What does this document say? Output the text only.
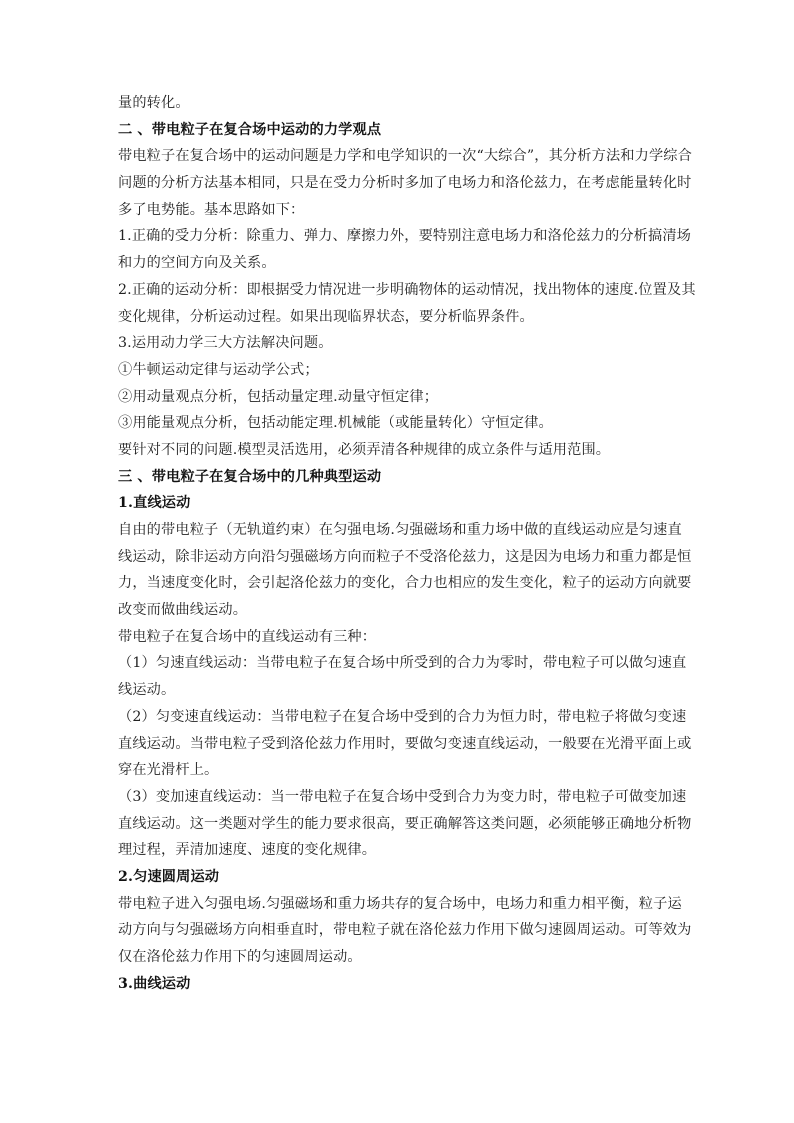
量的转化。
二 、带电粒子在复合场中运动的力学观点
带电粒子在复合场中的运动问题是力学和电学知识的一次“大综合”，其分析方法和力学综合
问题的分析方法基本相同，只是在受力分析时多加了电场力和洛伦兹力，在考虑能量转化时
多了电势能。基本思路如下：
1.正确的受力分析：除重力、弹力、摩擦力外，要特别注意电场力和洛伦兹力的分析搞清场
和力的空间方向及关系。
2.正确的运动分析：即根据受力情况进一步明确物体的运动情况，找出物体的速度.位置及其
变化规律，分析运动过程。如果出现临界状态，要分析临界条件。
3.运用动力学三大方法解决问题。
①牛顿运动定律与运动学公式；
②用动量观点分析，包括动量定理.动量守恒定律；
③用能量观点分析，包括动能定理.机械能（或能量转化）守恒定律。
要针对不同的问题.模型灵活选用，必须弄清各种规律的成立条件与适用范围。
三 、带电粒子在复合场中的几种典型运动
1.直线运动
自由的带电粒子（无轨道约束）在匀强电场.匀强磁场和重力场中做的直线运动应是匀速直
线运动，除非运动方向沿匀强磁场方向而粒子不受洛伦兹力，这是因为电场力和重力都是恒
力，当速度变化时，会引起洛伦兹力的变化，合力也相应的发生变化，粒子的运动方向就要
改变而做曲线运动。
带电粒子在复合场中的直线运动有三种：
（1）匀速直线运动：当带电粒子在复合场中所受到的合力为零时，带电粒子可以做匀速直
线运动。
（2）匀变速直线运动：当带电粒子在复合场中受到的合力为恒力时，带电粒子将做匀变速
直线运动。当带电粒子受到洛伦兹力作用时，要做匀变速直线运动，一般要在光滑平面上或
穿在光滑杆上。
（3）变加速直线运动：当一带电粒子在复合场中受到合力为变力时，带电粒子可做变加速
直线运动。这一类题对学生的能力要求很高，要正确解答这类问题，必须能够正确地分析物
理过程，弄清加速度、速度的变化规律。
2.匀速圆周运动
带电粒子进入匀强电场.匀强磁场和重力场共存的复合场中，电场力和重力相平衡，粒子运
动方向与匀强磁场方向相垂直时，带电粒子就在洛伦兹力作用下做匀速圆周运动。可等效为
仅在洛伦兹力作用下的匀速圆周运动。
3.曲线运动
